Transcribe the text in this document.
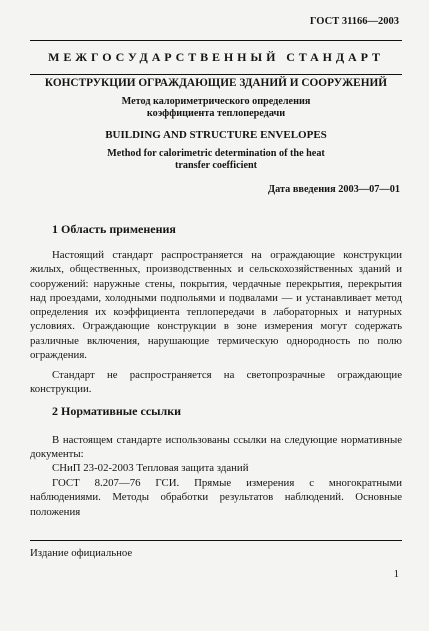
ГОСТ 31166—2003
МЕЖГОСУДАРСТВЕННЫЙ СТАНДАРТ
КОНСТРУКЦИИ ОГРАЖДАЮЩИЕ ЗДАНИЙ И СООРУЖЕНИЙ
Метод калориметрического определения коэффициента теплопередачи
BUILDING AND STRUCTURE ENVELOPES
Method for calorimetric determination of the heat transfer coefficient
Дата введения 2003—07—01
1 Область применения
Настоящий стандарт распространяется на ограждающие конструкции жилых, общественных, производственных и сельскохозяйственных зданий и сооружений: наружные стены, покрытия, чердачные перекрытия, перекрытия над проездами, холодными подпольями и подвалами — и устанавливает метод определения их коэффициента теплопередачи в лабораторных и натурных условиях. Ограждающие конструкции в зоне измерения могут содержать различные включения, нарушающие термическую однородность по полю ограждения.
Стандарт не распространяется на светопрозрачные ограждающие конструкции.
2 Нормативные ссылки
В настоящем стандарте использованы ссылки на следующие нормативные документы:
СНиП 23-02-2003 Тепловая защита зданий
ГОСТ 8.207—76 ГСИ. Прямые измерения с многократными наблюдениями. Методы обработки результатов наблюдений. Основные положения
Издание официальное
1
